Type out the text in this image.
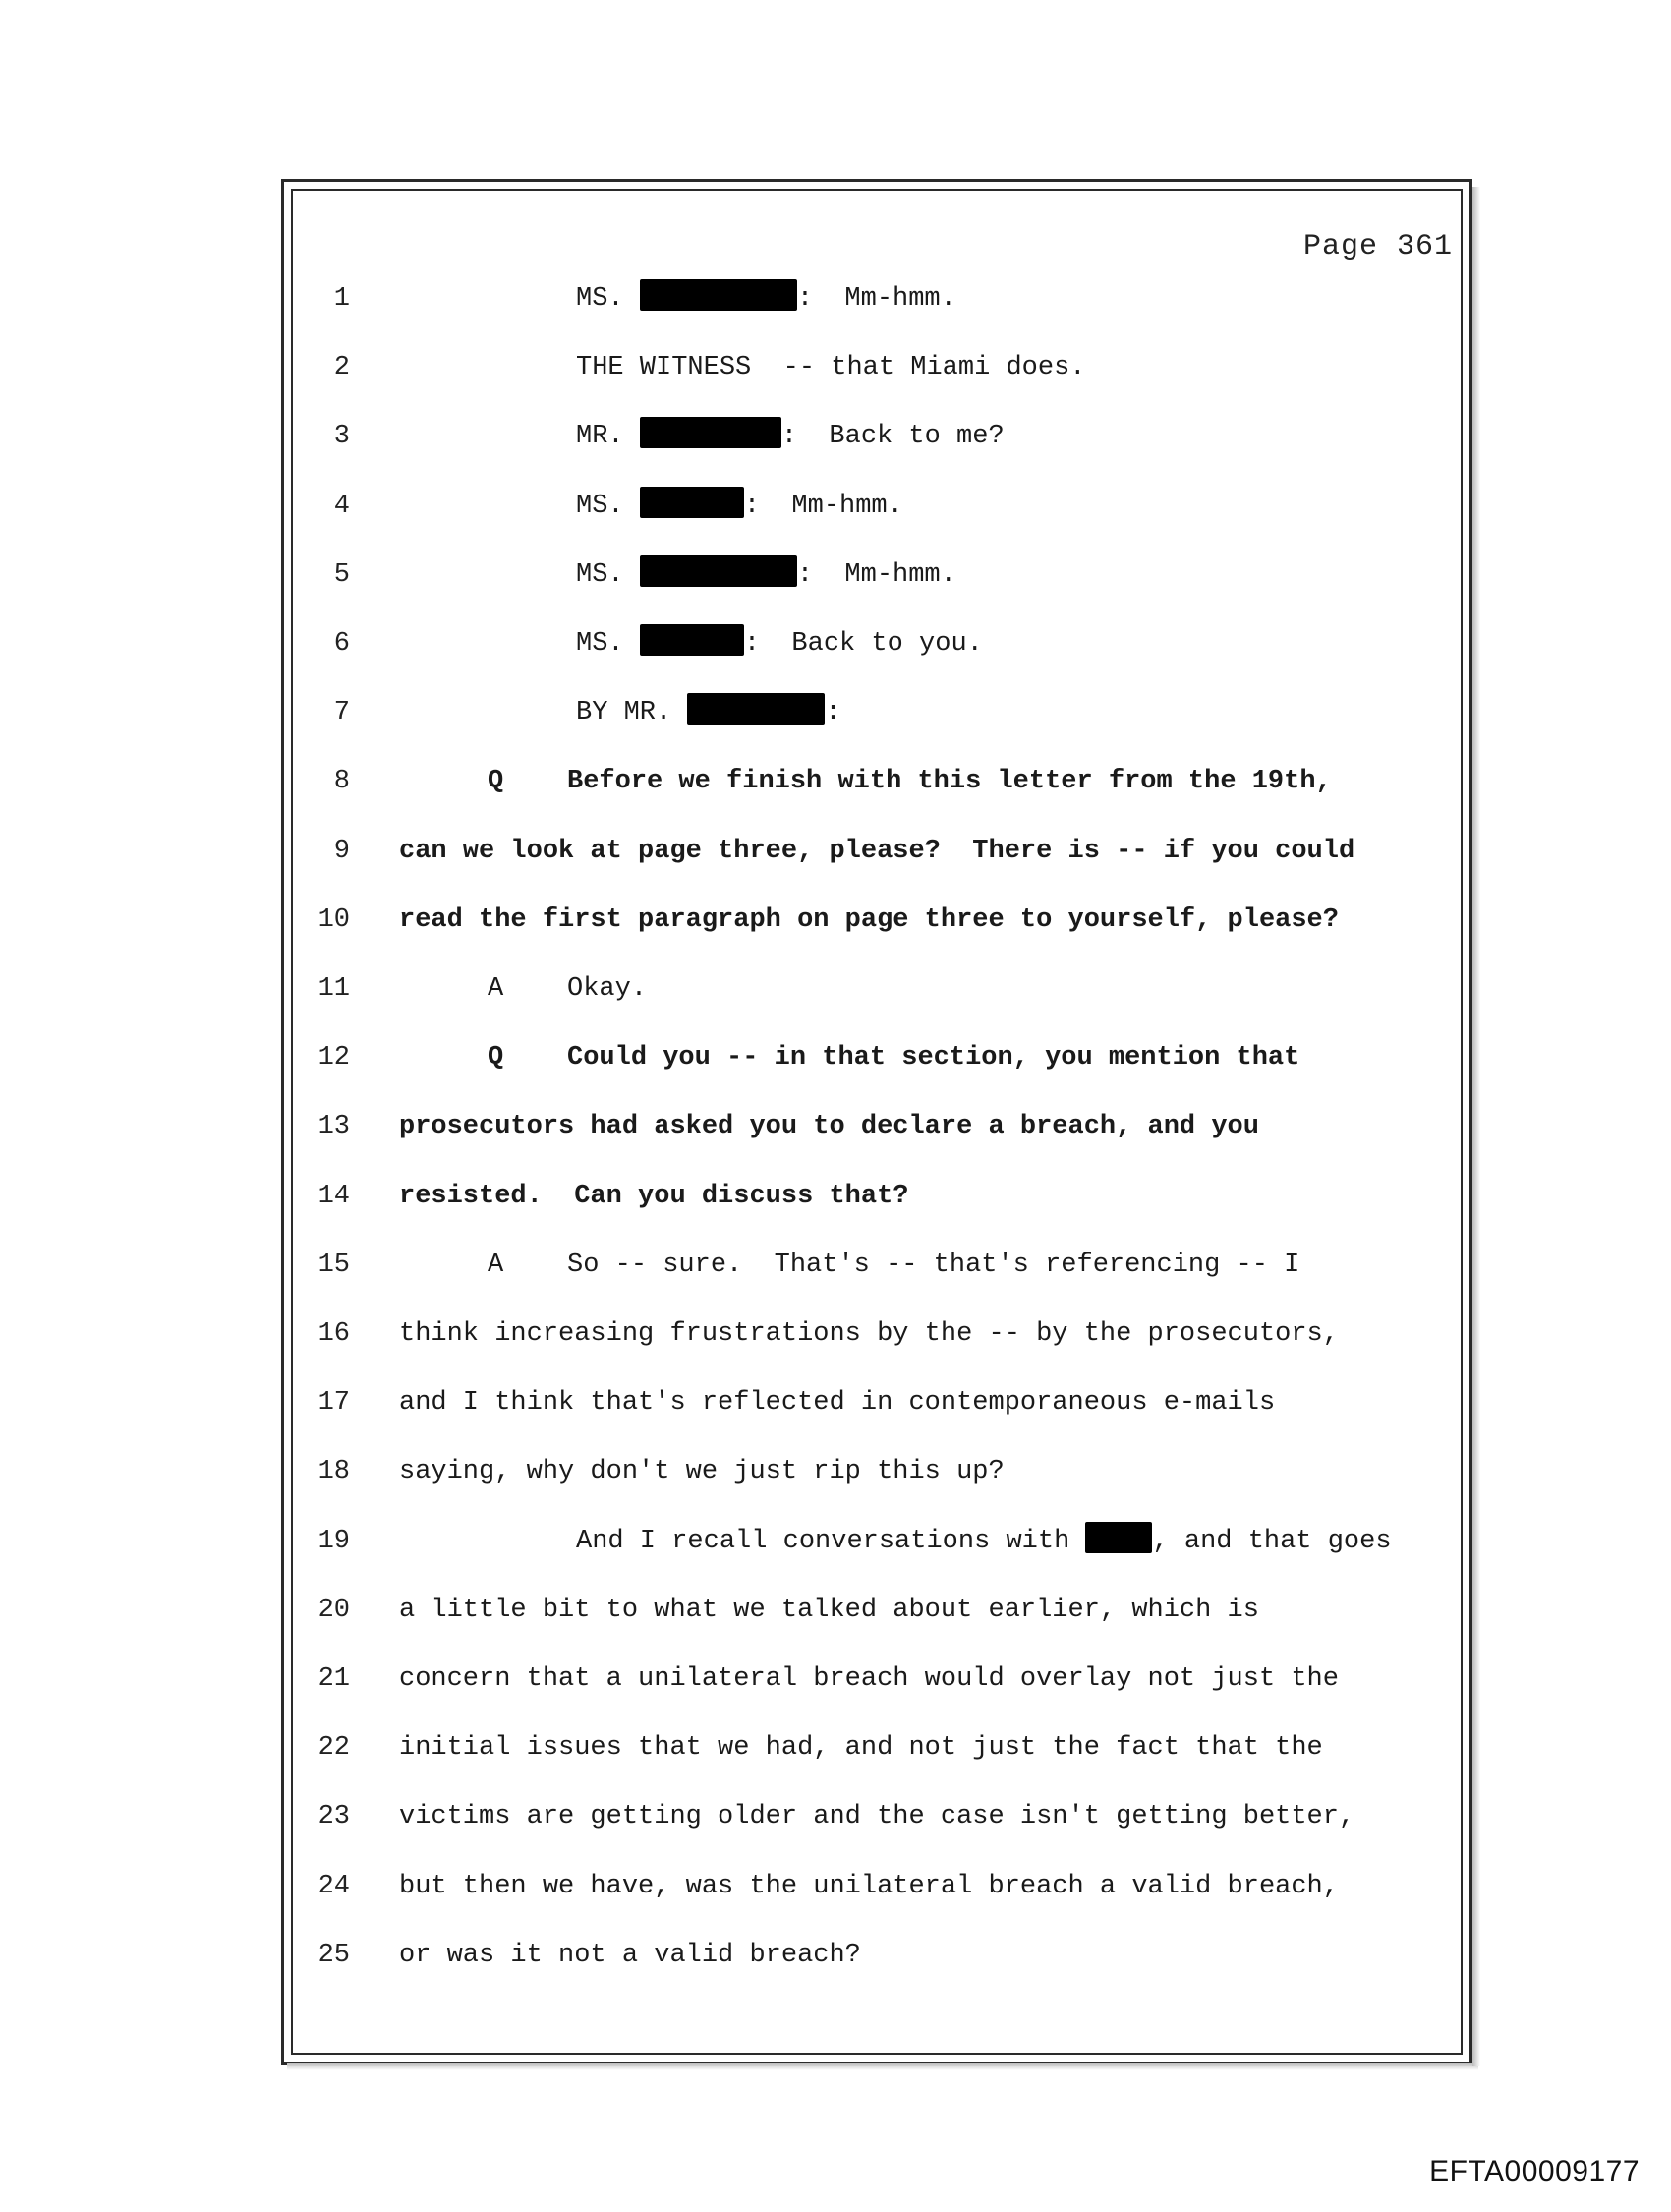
Page 361
1	MS.	:  Mm-hmm.
2	THE WITNESS  -- that Miami does.
3	MR.	:  Back to me?
4	MS.	:  Mm-hmm.
5	MS.	:  Mm-hmm.
6	MS.	:  Back to you.
7	BY MR.	:
8	Q    Before we finish with this letter from the 19th,
9 can we look at page three, please?  There is -- if you could
10 read the first paragraph on page three to yourself, please?
11	A    Okay.
12	Q    Could you -- in that section, you mention that
13 prosecutors had asked you to declare a breach, and you
14 resisted.  Can you discuss that?
15	A    So -- sure.  That's -- that's referencing -- I
16 think increasing frustrations by the -- by the prosecutors,
17 and I think that's reflected in contemporaneous e-mails
18 saying, why don't we just rip this up?
19	And I recall conversations with	, and that goes
20 a little bit to what we talked about earlier, which is
21 concern that a unilateral breach would overlay not just the
22 initial issues that we had, and not just the fact that the
23 victims are getting older and the case isn't getting better,
24 but then we have, was the unilateral breach a valid breach,
25 or was it not a valid breach?
EFTA00009177
